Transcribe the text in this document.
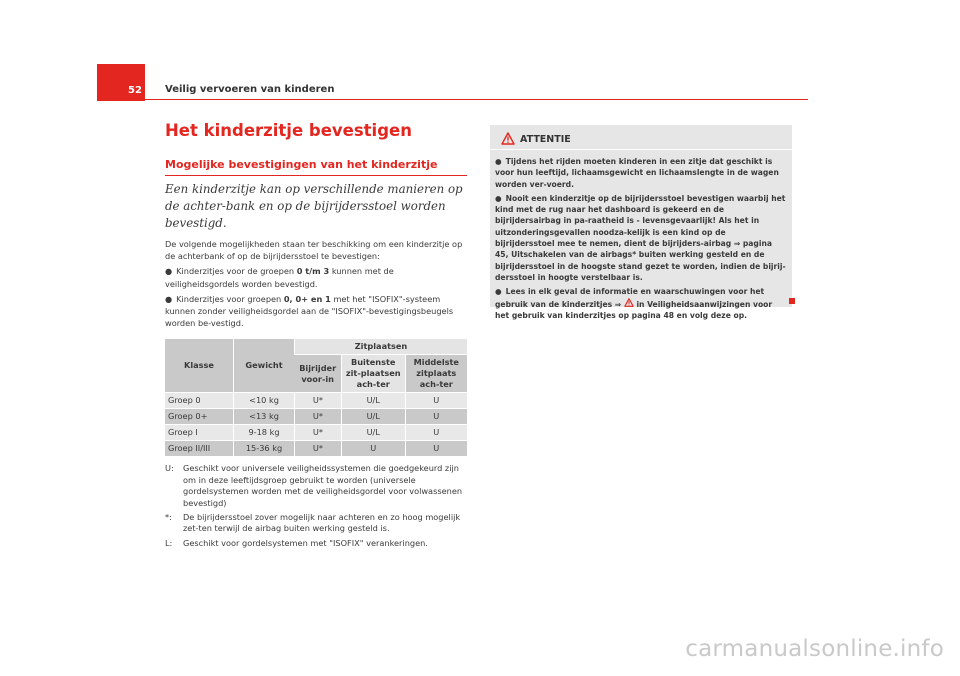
52	Veilig vervoeren van kinderen
Het kinderzitje bevestigen
Mogelijke bevestigingen van het kinderzitje
Een kinderzitje kan op verschillende manieren op de achter-bank en op de bijrijdersstoel worden bevestigd.

De volgende mogelijkheden staan ter beschikking om een kinderzitje op de achterbank of op de bijrijdersstoel te bevestigen:

● Kinderzitjes voor de groepen 0 t/m 3 kunnen met de veiligheidsgordels worden bevestigd.

● Kinderzitjes voor groepen 0, 0+ en 1 met het "ISOFIX"-systeem kunnen zonder veiligheidsgordel aan de "ISOFIX"-bevestigingsbeugels worden be-vestigd.

Klasse	Gewicht	Zitplaatsen		
		Bijrijder voor-in	Buitenste zit-plaatsen ach-ter	Middelste zitplaats ach-ter
Groep 0	<10 kg	U*	U/L	U
Groep 0+	<13 kg	U*	U/L	U
Groep I	9-18 kg	U*	U/L	U
Groep II/III	15-36 kg	U*	U	U
U:	Geschikt voor universele veiligheidssystemen die goedgekeurd zijn om in deze leeftijdsgroep gebruikt te worden (universele gordelsystemen worden met de veiligheidsgordel voor volwassenen bevestigd)
*:	De bijrijdersstoel zover mogelijk naar achteren en zo hoog mogelijk zet-ten terwijl de airbag buiten werking gesteld is.
L:	Geschikt voor gordelsystemen met "ISOFIX" verankeringen.
ATTENTIE

● Tijdens het rijden moeten kinderen in een zitje dat geschikt is voor hun leeftijd, lichaamsgewicht en lichaamslengte in de wagen worden ver-voerd.

● Nooit een kinderzitje op de bijrijdersstoel bevestigen waarbij het kind met de rug naar het dashboard is gekeerd en de bijrijdersairbag in pa-raatheid is - levensgevaarlijk! Als het in uitzonderingsgevallen noodza-kelijk is een kind op de bijrijdersstoel mee te nemen, dient de bijrijders-airbag ⇒ pagina 45, Uitschakelen van de airbags* buiten werking gesteld en de bijrijdersstoel in de hoogste stand gezet te worden, indien de bijrij-dersstoel in hoogte verstelbaar is.

● Lees in elk geval de informatie en waarschuwingen voor het gebruik van de kinderzitjes ⇒  in Veiligheidsaanwijzingen voor het gebruik van kinderzitjes op pagina 48 en volg deze op.

carmanualsonline.info
